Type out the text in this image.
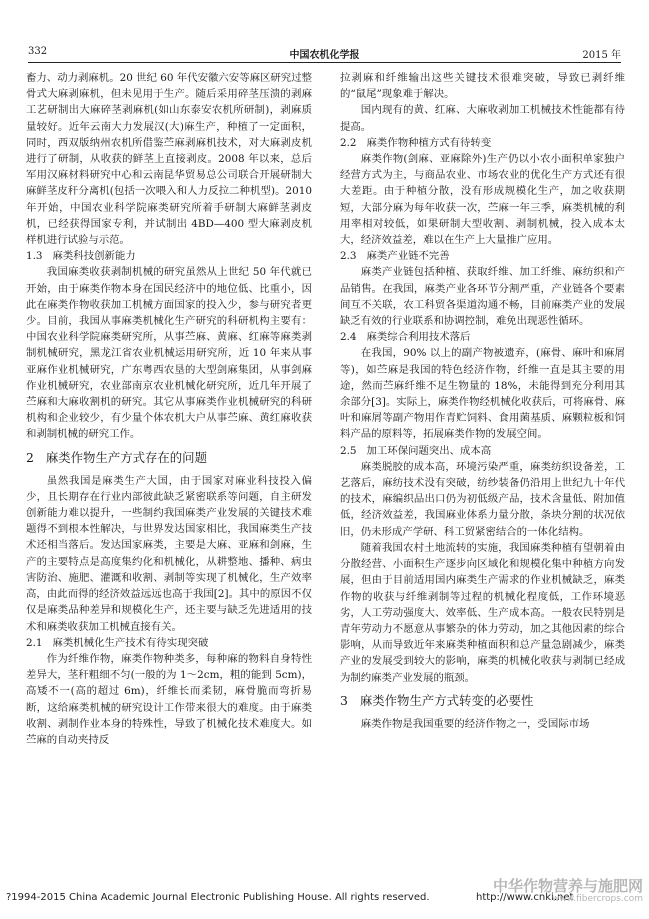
332	中国农机化学报	2015 年

畜力、动力剥麻机。20 世纪 60 年代安徽六安等麻区研究过整骨式大麻剥麻机，但未见用于生产。随后采用碎茎压溃的剥麻工艺研制出大麻碎茎剥麻机(如山东泰安农机所研制)，剥麻质量较好。近年云南大力发展汉(大)麻生产，种植了一定面积，同时，西双版纳州农机所借鉴苎麻剥麻机技术，对大麻剥皮机进行了研制，从收获的鲜茎上直接剥皮。2008 年以来，总后军用汉麻材料研究中心和云南昆华贸易总公司联合开展研制大麻鲜茎皮秆分离机(包括一次喂入和人力反拉二种机型)。2010 年开始，中国农业科学院麻类研究所着手研制大麻鲜茎剥皮机，已经获得国家专利，并试制出 4BD—400 型大麻剥皮机样机进行试验与示范。

1.3 麻类科技创新能力

我国麻类收获剥制机械的研究虽然从上世纪 50 年代就已开始，由于麻类作物本身在国民经济中的地位低、比重小，因此在麻类作物收获加工机械方面国家的投入少，参与研究者更少。目前，我国从事麻类机械化生产研究的科研机构主要有：中国农业科学院麻类研究所，从事苎麻、黄麻、红麻等麻类剥制机械研究，黑龙江省农业机械运用研究所，近 10 年来从事亚麻作业机械研究，广东粤西农垦的大型剑麻集团，从事剑麻作业机械研究，农业部南京农业机械化研究所，近几年开展了苎麻和大麻收割机的研究。其它从事麻类作业机械研究的科研机构和企业较少，有少量个体农机大户从事苎麻、黄红麻收获和剥制机械的研究工作。

2 麻类作物生产方式存在的问题

虽然我国是麻类生产大国，由于国家对麻业科技投入偏少，且长期存在行业内部彼此缺乏紧密联系等问题，自主研发创新能力难以提升，一些制约我国麻类产业发展的关键技术难题得不到根本性解决，与世界发达国家相比，我国麻类生产技术还相当落后。发达国家麻类，主要是大麻、亚麻和剑麻，生产的主要特点是高度集约化和机械化，从耕整地、播种、病虫害防治、施肥、灌溉和收割、剥制等实现了机械化，生产效率高，由此而得的经济效益远远也高于我国[2]。其中的原因不仅仅是麻类品种差异和规模化生产，还主要与缺乏先进适用的技术和麻类收获加工机械直接有关。

2.1 麻类机械化生产技术有待实现突破

作为纤维作物，麻类作物种类多，每种麻的物料自身特性差异大，茎秆粗细不匀(一般的为 1～2cm，粗的能到 5cm)，高矮不一(高的超过 6m)，纤维长而柔韧，麻骨脆而弯折易断，这给麻类机械的研究设计工作带来很大的难度。由于麻类收割、剥制作业本身的特殊性，导致了机械化技术难度大。如苎麻的自动夹持反

拉剥麻和纤维输出这些关键技术很难突破，导致已剥纤维的“鼠尾”现象难于解决。

国内现有的黄、红麻、大麻收剥加工机械技术性能都有待提高。

2.2 麻类作物种植方式有待转变

麻类作物(剑麻、亚麻除外)生产仍以小农小面积单家独户经营方式为主，与商品农业、市场农业的优化生产方式还有很大差距。由于种植分散，没有形成规模化生产，加之收获期短，大部分麻为每年收获一次，苎麻一年三季，麻类机械的利用率相对较低，如果研制大型收割、剥制机械，投入成本太大，经济效益差，难以在生产上大量推广应用。

2.3 麻类产业链不完善

麻类产业链包括种植、获取纤维、加工纤维、麻纺织和产品销售。在我国，麻类产业各环节分割严重，产业链各个要素间互不关联，农工科贸各渠道沟通不畅，目前麻类产业的发展缺乏有效的行业联系和协调控制，难免出现恶性循环。

2.4 麻类综合利用技术落后

在我国，90% 以上的副产物被遗弃，(麻骨、麻叶和麻屑等)，如苎麻是我国的特色经济作物，纤维一直是其主要的用途，然而苎麻纤维不足生物量的 18%，未能得到充分利用其余部分[3]。实际上，麻类作物经机械化收获后，可将麻骨、麻叶和麻屑等副产物用作青贮饲料、食用菌基质、麻颗粒板和饲料产品的原料等，拓展麻类作物的发展空间。

2.5 加工环保问题突出、成本高

麻类脱胶的成本高，环境污染严重，麻类纺织设备差，工艺落后，麻纺技术没有突破，纺纱装备仍沿用上世纪九十年代的技术，麻编织品出口仍为初低级产品，技术含量低、附加值低，经济效益差，我国麻业体系力量分散，条块分割的状况依旧，仍未形成产学研、科工贸紧密结合的一体化结构。

随着我国农村土地流转的实施，我国麻类种植有望朝着由分散经营、小面积生产逐步向区域化和规模化集中种植方向发展，但由于目前适用国内麻类生产需求的作业机械缺乏，麻类作物的收获与纤维剥制等过程的机械化程度低，工作环境恶劣，人工劳动强度大、效率低、生产成本高。一般农民特别是青年劳动力不愿意从事繁杂的体力劳动，加之其他因素的综合影响，从而导致近年来麻类种植面积和总产量急剧减少，麻类产业的发展受到较大的影响，麻类的机械化收获与剥制已经成为制约麻类产业发展的瓶颈。

3 麻类作物生产方式转变的必要性

麻类作物是我国重要的经济作物之一，受国际市场

?1994-2015 China Academic Journal Electronic Publishing House. All rights reserved.	http://www.cnki.net
中华作物营养与施肥网
www.fibercrops.com
